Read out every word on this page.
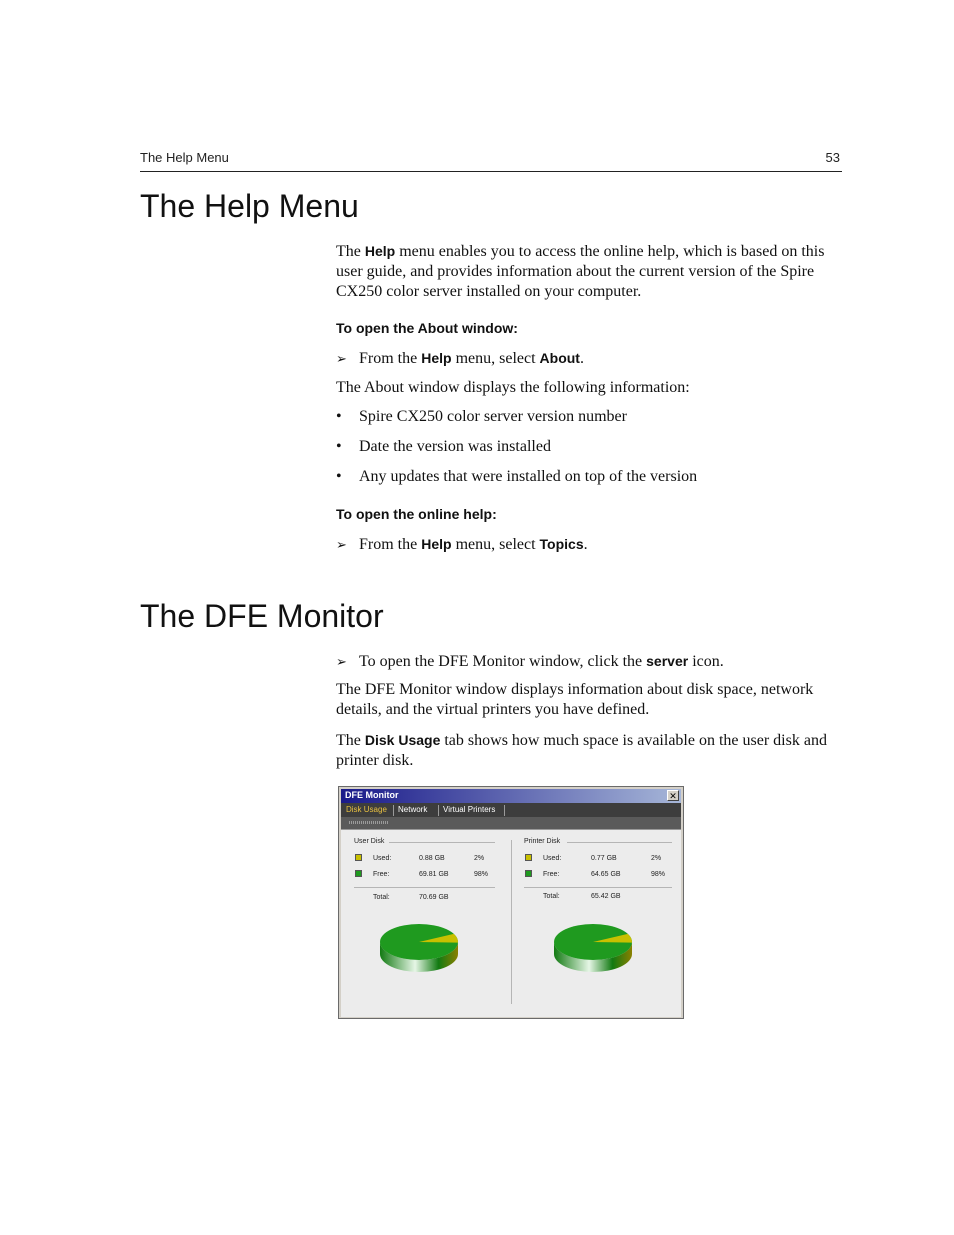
The Help Menu	53
The Help Menu
The Help menu enables you to access the online help, which is based on this user guide, and provides information about the current version of the Spire CX250 color server installed on your computer.
To open the About window:
➢ From the Help menu, select About.
The About window displays the following information:
• Spire CX250 color server version number
• Date the version was installed
• Any updates that were installed on top of the version
To open the online help:
➢ From the Help menu, select Topics.
The DFE Monitor
➢ To open the DFE Monitor window, click the server icon.
The DFE Monitor window displays information about disk space, network details, and the virtual printers you have defined.
The Disk Usage tab shows how much space is available on the user disk and printer disk.
DFE Monitor	✕
Disk Usage Network Virtual Printers
User Disk
Used:	0.88 GB	2%
Free:	69.81 GB	98%
Total:	70.69 GB
Printer Disk
Used:	0.77 GB	2%
Free:	64.65 GB	98%
Total:	65.42 GB
